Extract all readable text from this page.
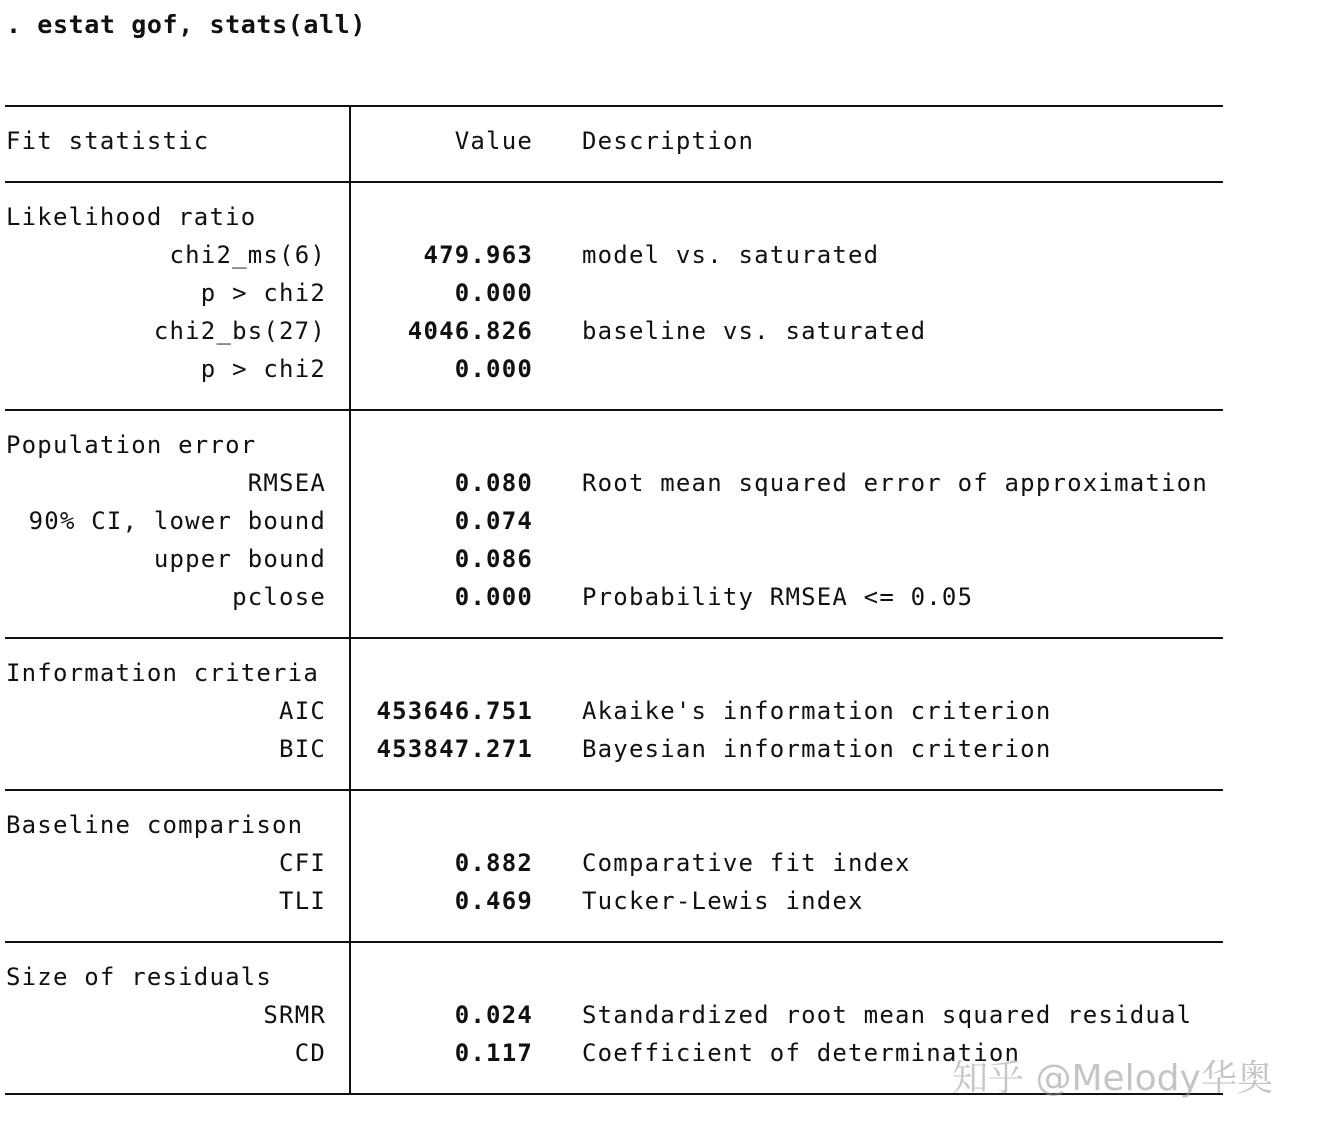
. estat gof, stats(all)
Fit statistic	Value Description
Likelihood ratio
chi2_ms(6)	479.963 model vs. saturated
p > chi2	0.000
chi2_bs(27)	4046.826 baseline vs. saturated
p > chi2	0.000
Population error
RMSEA	0.080 Root mean squared error of approximation
90% CI, lower bound	0.074
upper bound	0.086
pclose	0.000 Probability RMSEA <= 0.05
Information criteria
AIC 453646.751 Akaike's information criterion
BIC 453847.271 Bayesian information criterion
Baseline comparison
CFI	0.882 Comparative fit index
TLI	0.469 Tucker-Lewis index
Size of residuals
SRMR	0.024 Standardized root mean squared residual
CD	0.117 Coefficient of determination
知乎 @Melody华奥
